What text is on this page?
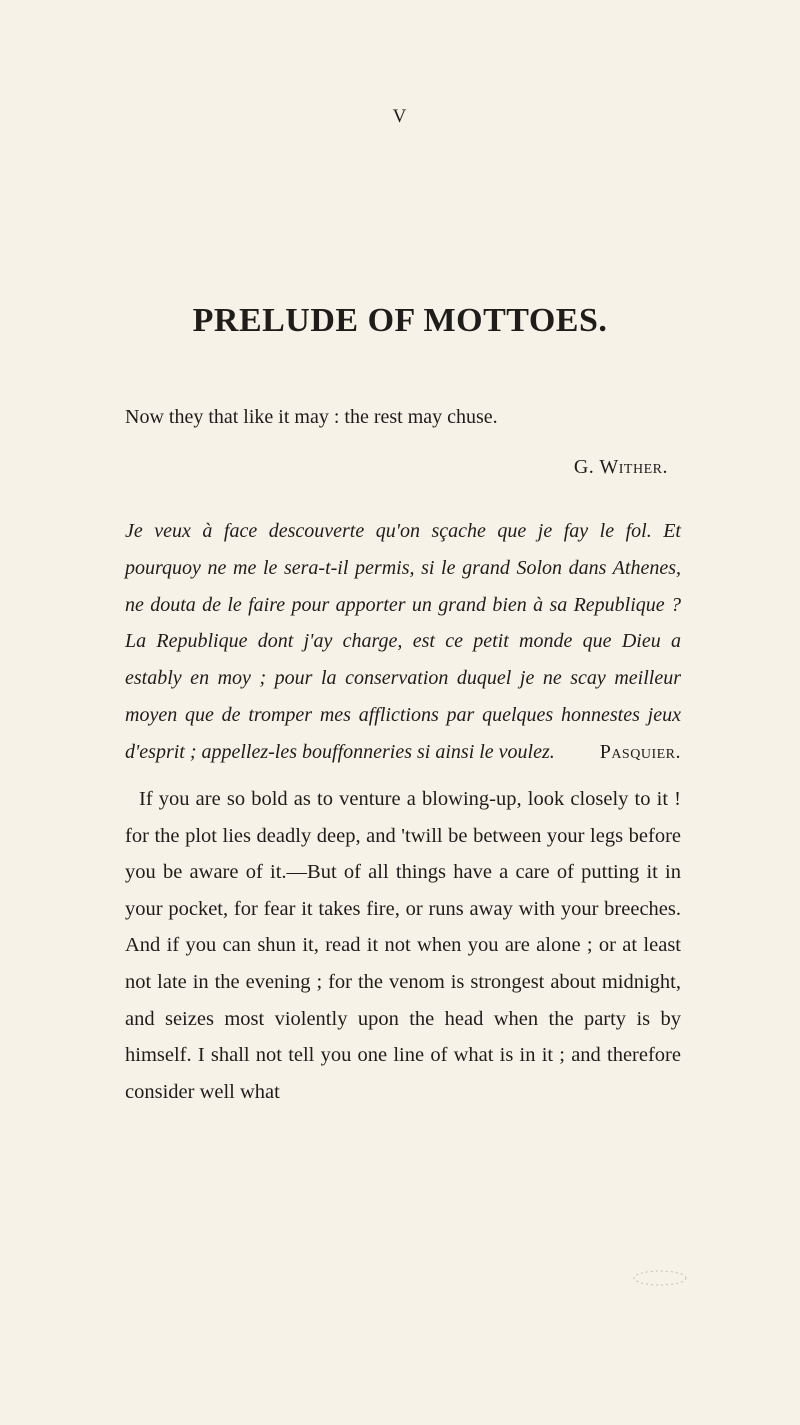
V
PRELUDE OF MOTTOES.
Now they that like it may : the rest may chuse.
G. Wither.
Je veux à face descouverte qu'on sçache que je fay le fol. Et pourquoy ne me le sera-t-il permis, si le grand Solon dans Athenes, ne douta de le faire pour apporter un grand bien à sa Republique ? La Republique dont j'ay charge, est ce petit monde que Dieu a estably en moy ; pour la conservation duquel je ne scay meilleur moyen que de tromper mes afflictions par quelques honnestes jeux d'esprit ; appellez-les bouffonneries si ainsi le voulez. Pasquier.
If you are so bold as to venture a blowing-up, look closely to it ! for the plot lies deadly deep, and 'twill be between your legs before you be aware of it.—But of all things have a care of putting it in your pocket, for fear it takes fire, or runs away with your breeches. And if you can shun it, read it not when you are alone ; or at least not late in the evening ; for the venom is strongest about midnight, and seizes most violently upon the head when the party is by himself. I shall not tell you one line of what is in it ; and therefore consider well what
